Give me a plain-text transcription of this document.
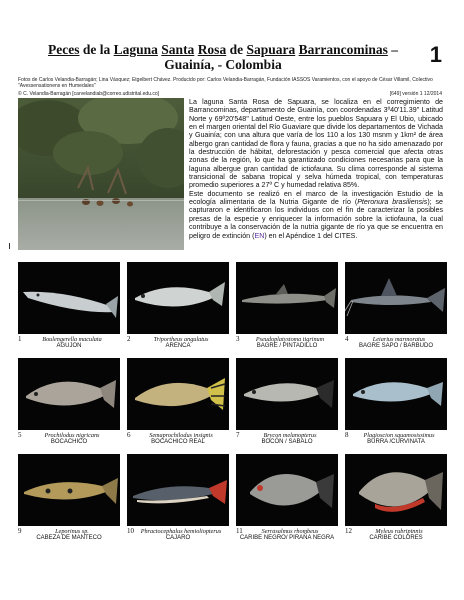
Peces de la Laguna Santa Rosa de Sapuara Barrancominas –
Guainía, - Colombia	1
Fotos de Carlos Velandia-Barragán; Lina Vásquez; Etgelbert Chávez. Producido por: Carlos Velandia-Barragán, Fundación IASSOS Varamientos, con el apoyo de César Villamil, Colectivo "Avessensationens en Humedales"
© C. Velandia-Barragán [carvelandiab@correo.udistrital.edu.co]	[649] versión 1 12/2014

La laguna Santa Rosa de Sapuara, se localiza en el corregimiento de Barrancominas, departamento de Guainía, con coordenadas 3º40'11.39'' Latitud Norte y 69º20'548'' Latitud Oeste, entre los pueblos Sapuara y El Ubio, ubicado en el margen oriental del Río Guaviare que divide los departamentos de Vichada y Guainía; con una altura que varía de los 110 a los 130 msnm y 1km² de área albergo gran cantidad de flora y fauna, gracias a que no ha sido amenazado por la destrucción de hábitat, deforestación y pesca comercial que afecta otras zonas de la región, lo que ha garantizado condiciones necesarias para que la laguna albergue gran cantidad de ictiofauna. Su clima corresponde al sistema transicional de sabana tropical y selva húmeda tropical, con temperaturas promedio superiores a 27º C y humedad relativa 85%.

Este documento se realizó en el marco de la investigación Estudio de la ecología alimentaria de la Nutria Gigante de río (Pteronura brasiliensis); se capturaron e identificaron los individuos con el fin de caracterizar la posibles presas de la especie y enriquecer la información sobre la ictiofauna, la cual contribuye a la conservación de la nutria gigante de río ya que se encuentra en peligro de extinción (EN) en el Apéndice 1 del CITES.

1	Boulengerella maculata
AGUJON
2	Triportheus angulatus
ARENCA
3	Pseudoplatystoma tigrinum
BAGRE / PINTADILLO
4	Leiarius marmoratus
BAGRE SAPO / BARBUDO
5	Prochilodus nigricans
BOCACHICO
6	Semaprochilodus insignis
BOCACHICO REAL
7	Brycon melanopterus
BOCÓN / SABALO
8	Plagioscion squamosissimus
BURRA /CURVINATA
9	Leporinus sp.
CABEZA DE MANTECO
10	Phractocephalus hemioliopterus
CAJARO
11	Serrasalmus rhombeus
CARIBE NEGRO/ PIRAÑA NEGRA
12	Myleus rubripinnis
CARIBE COLORES
